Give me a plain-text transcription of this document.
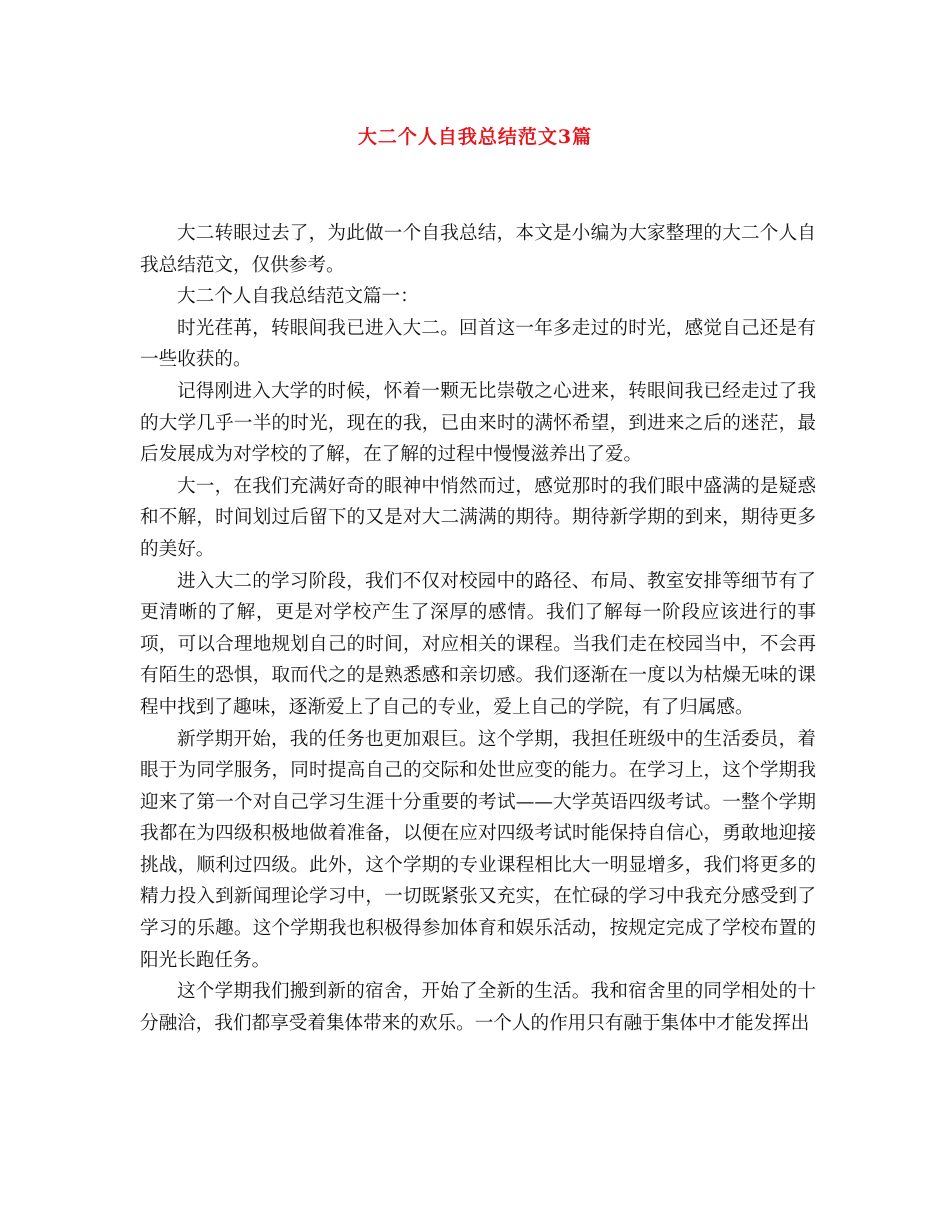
大二个人自我总结范文3篇

大二转眼过去了，为此做一个自我总结，本文是小编为大家整理的大二个人自我总结范文，仅供参考。

大二个人自我总结范文篇一：

时光荏苒，转眼间我已进入大二。回首这一年多走过的时光，感觉自己还是有一些收获的。

记得刚进入大学的时候，怀着一颗无比崇敬之心进来，转眼间我已经走过了我的大学几乎一半的时光，现在的我，已由来时的满怀希望，到进来之后的迷茫，最后发展成为对学校的了解，在了解的过程中慢慢滋养出了爱。

大一，在我们充满好奇的眼神中悄然而过，感觉那时的我们眼中盛满的是疑惑和不解，时间划过后留下的又是对大二满满的期待。期待新学期的到来，期待更多的美好。

进入大二的学习阶段，我们不仅对校园中的路径、布局、教室安排等细节有了更清晰的了解，更是对学校产生了深厚的感情。我们了解每一阶段应该进行的事项，可以合理地规划自己的时间，对应相关的课程。当我们走在校园当中，不会再有陌生的恐惧，取而代之的是熟悉感和亲切感。我们逐渐在一度以为枯燥无味的课程中找到了趣味，逐渐爱上了自己的专业，爱上自己的学院，有了归属感。

新学期开始，我的任务也更加艰巨。这个学期，我担任班级中的生活委员，着眼于为同学服务，同时提高自己的交际和处世应变的能力。在学习上，这个学期我迎来了第一个对自己学习生涯十分重要的考试——大学英语四级考试。一整个学期我都在为四级积极地做着准备，以便在应对四级考试时能保持自信心，勇敢地迎接挑战，顺利过四级。此外，这个学期的专业课程相比大一明显增多，我们将更多的精力投入到新闻理论学习中，一切既紧张又充实，在忙碌的学习中我充分感受到了学习的乐趣。这个学期我也积极得参加体育和娱乐活动，按规定完成了学校布置的阳光长跑任务。

这个学期我们搬到新的宿舍，开始了全新的生活。我和宿舍里的同学相处的十分融洽，我们都享受着集体带来的欢乐。一个人的作用只有融于集体中才能发挥出
